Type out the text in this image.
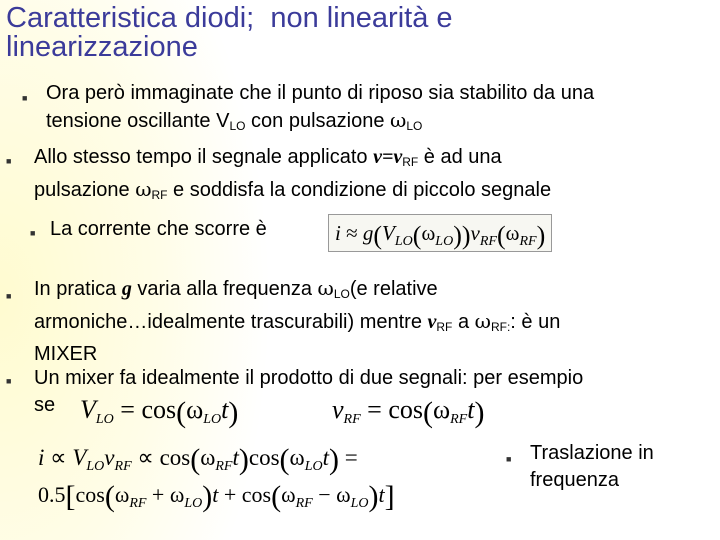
Caratteristica diodi;  non linearità e
linearizzazione
■ Ora però immaginate che il punto di riposo sia stabilito da una
tensione oscillante $V_{LO}$ con pulsazione $\omega_{LO}$
■ Allo stesso tempo il segnale applicato $v=v_{RF}$ è ad una
pulsazione $\omega_{RF}$ e soddisfa la condizione di piccolo segnale
■ La corrente che scorre è	$i \approx g(V_{LO}(\omega_{LO}))v_{RF}(\omega_{RF})$
■ In pratica g varia alla frequenza $\omega_{LO}(e$ relative
armoniche…idealmente trascurabili) mentre $v_{RF}$ a $\omega_{RF:}$: è un
MIXER
■ Un mixer fa idealmente il prodotto di due segnali: per esempio
se VLO = cos(ωLOt)	vRF = cos(ωRFt)
$i \propto V_{LO}v_{RF} \propto \cos(\omega_{RF}t)\cos(\omega_{LO}t)$ =
$0.5[\cos(\omega_{RF} + \omega_{LO})t + \cos(\omega_{RF} - \omega_{LO})t]$
■ Traslazione in
frequenza
